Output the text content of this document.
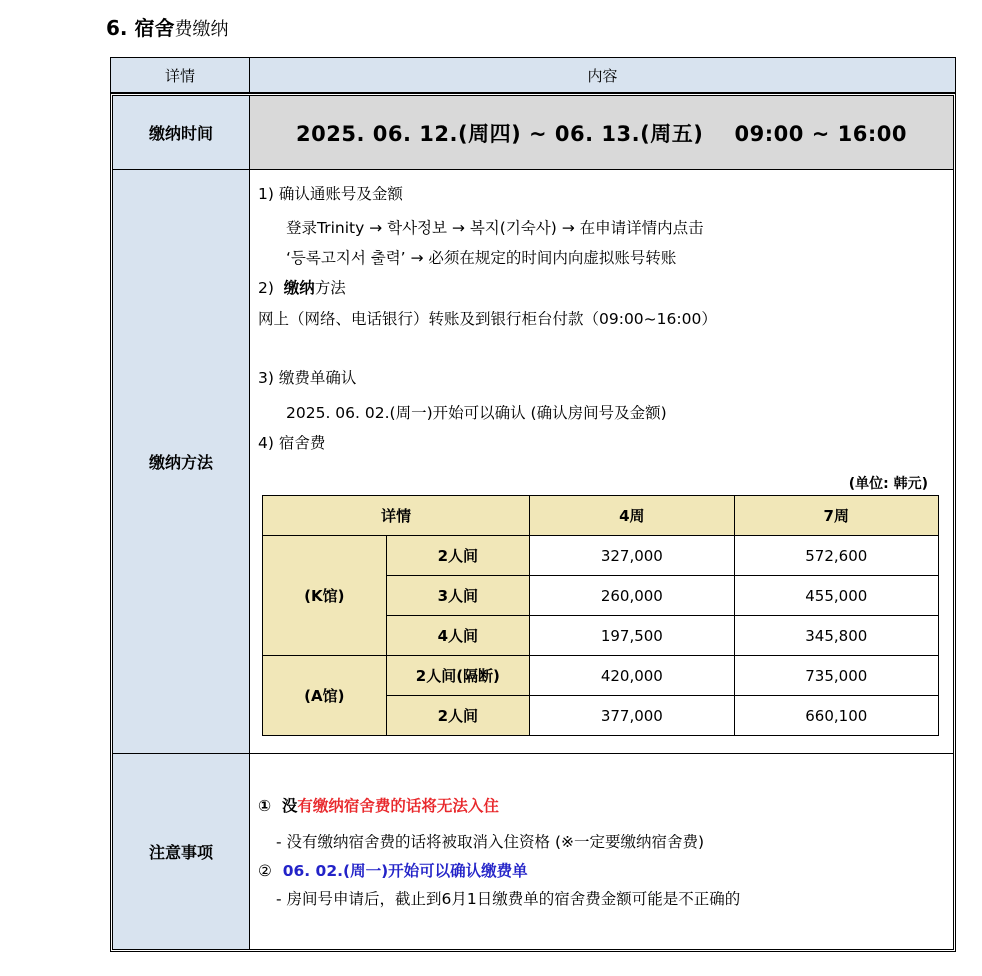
6. 宿舍费缴纳
详情	内容
缴纳时间	2025. 06. 12.(周四) ~ 06. 13.(周五)    09:00 ~ 16:00
缴纳方法
1) 确认通账号及金额
登录Trinity → 학사정보 → 복지(기숙사) → 在申请详情内点击
‘등록고지서 출력’ → 必须在规定的时间内向虚拟账号转账
2)  缴纳方法
网上（网络、电话银行）转账及到银行柜台付款（09:00~16:00）
3) 缴费单确认
2025. 06. 02.(周一)开始可以确认 (确认房间号及金额)
4) 宿舍费
(单位: 韩元)
详情		4周	7周
(K馆)	2人间	327,000	572,600
	3人间	260,000	455,000
	4人间	197,500	345,800
(A馆)	2人间(隔断)	420,000	735,000
	2人间	377,000	660,100
注意事项
①  没有缴纳宿舍费的话将无法入住
- 没有缴纳宿舍费的话将被取消入住资格 (※一定要缴纳宿舍费)
② 06. 02.(周一)开始可以确认缴费单
- 房间号申请后，截止到6月1日缴费单的宿舍费金额可能是不正确的
